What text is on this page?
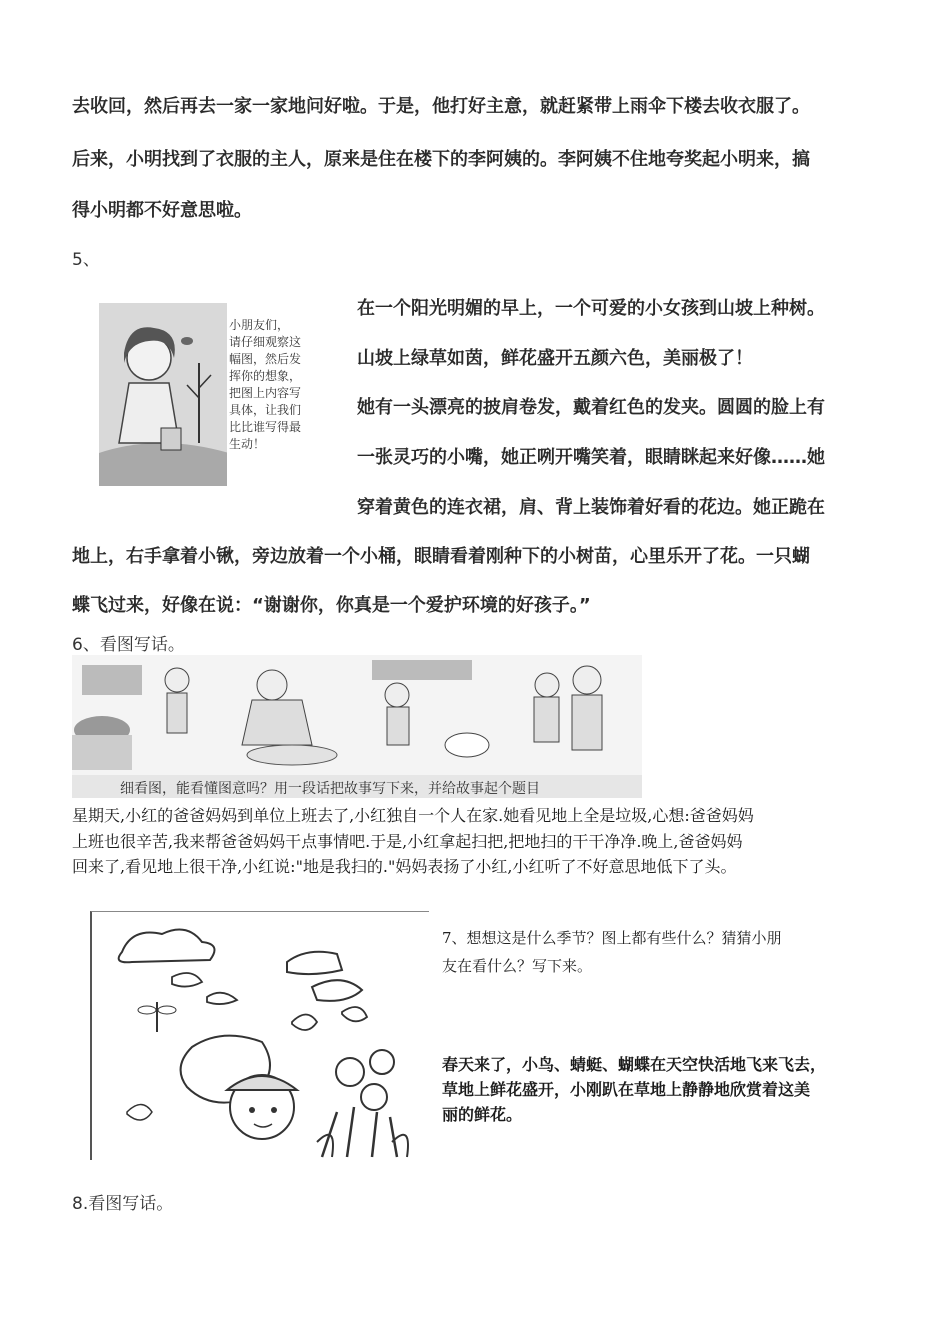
去收回，然后再去一家一家地问好啦。于是，他打好主意，就赶紧带上雨伞下楼去收衣服了。
后来，小明找到了衣服的主人，原来是住在楼下的李阿姨的。李阿姨不住地夸奖起小明来，搞
得小明都不好意思啦。
5、
小朋友们，
请仔细观察这
幅图，然后发
挥你的想象，
把图上内容写
具体，让我们
比比谁写得最
生动！
在一个阳光明媚的早上，一个可爱的小女孩到山坡上种树。
山坡上绿草如茵，鲜花盛开五颜六色，美丽极了！
她有一头漂亮的披肩卷发，戴着红色的发夹。圆圆的脸上有
一张灵巧的小嘴，她正咧开嘴笑着，眼睛眯起来好像……她
穿着黄色的连衣裙，肩、背上装饰着好看的花边。她正跪在
地上，右手拿着小锹，旁边放着一个小桶，眼睛看着刚种下的小树苗，心里乐开了花。一只蝴
蝶飞过来，好像在说：“谢谢你，你真是一个爱护环境的好孩子。”
6、看图写话。
细看图，能看懂图意吗？用一段话把故事写下来，并给故事起个题目
星期天,小红的爸爸妈妈到单位上班去了,小红独自一个人在家.她看见地上全是垃圾,心想:爸爸妈妈
上班也很辛苦,我来帮爸爸妈妈干点事情吧.于是,小红拿起扫把,把地扫的干干净净.晚上,爸爸妈妈
回来了,看见地上很干净,小红说:"地是我扫的."妈妈表扬了小红,小红听了不好意思地低下了头。
7、想想这是什么季节？图上都有些什么？猜猜小朋
友在看什么？写下来。
春天来了，小鸟、蜻蜓、蝴蝶在天空快活地飞来飞去，
草地上鲜花盛开，小刚趴在草地上静静地欣赏着这美
丽的鲜花。
8.看图写话。
